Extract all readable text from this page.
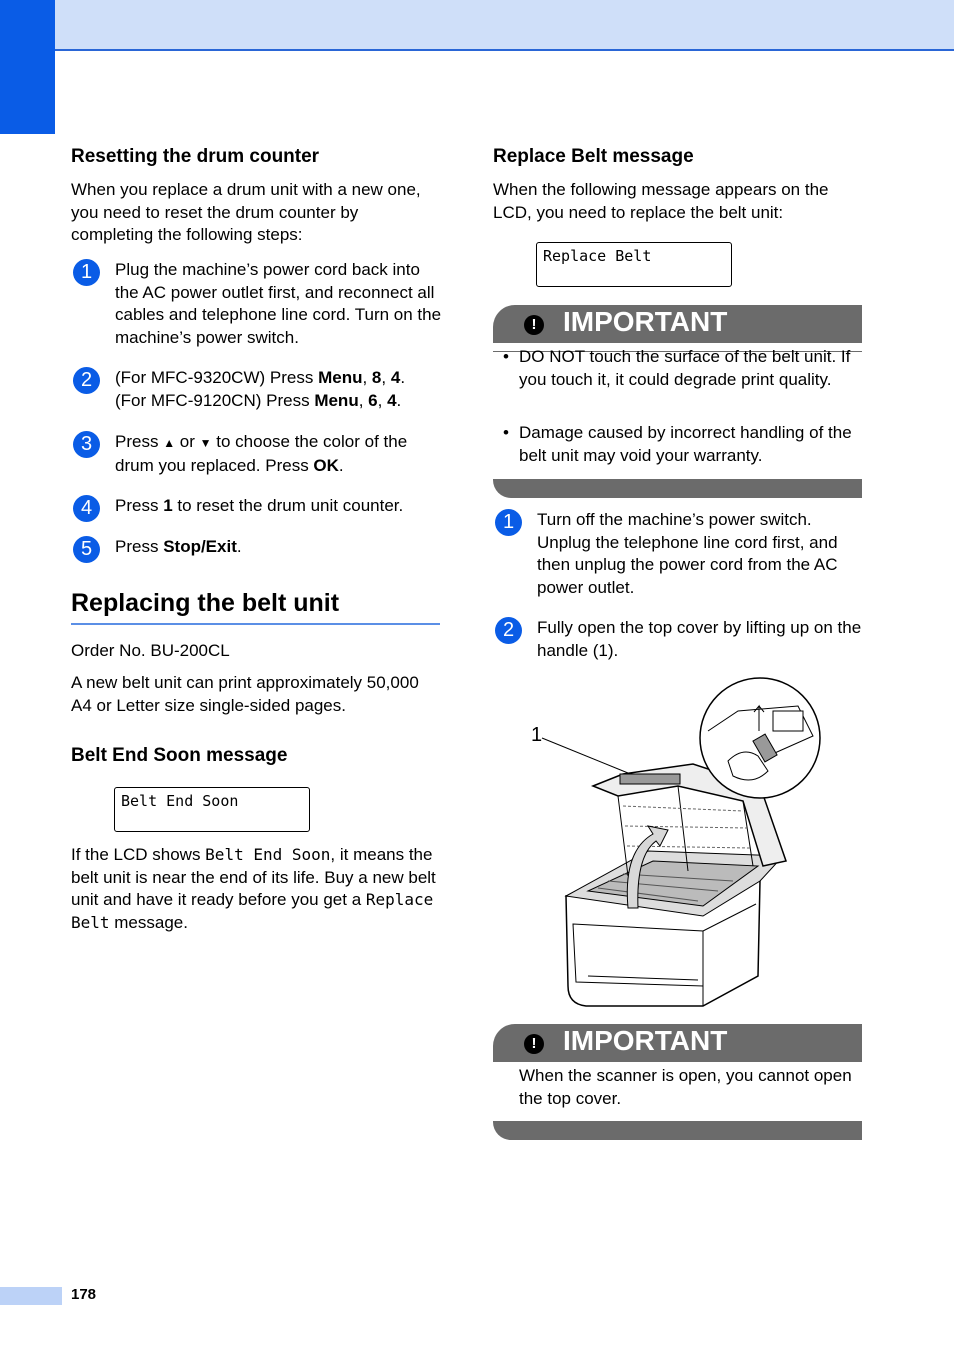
Resetting the drum counter
When you replace a drum unit with a new one, you need to reset the drum counter by completing the following steps:
1	Plug the machine’s power cord back into the AC power outlet first, and reconnect all cables and telephone line cord. Turn on the machine’s power switch.
2	(For MFC-9320CW) Press Menu, 8, 4.
(For MFC-9120CN) Press Menu, 6, 4.
3	Press ▲ or ▼ to choose the color of the drum you replaced. Press OK.
4	Press 1 to reset the drum unit counter.
5	Press Stop/Exit.
Replacing the belt unit
Order No. BU-200CL
A new belt unit can print approximately 50,000 A4 or Letter size single-sided pages.
Belt End Soon message
Belt End Soon
If the LCD shows Belt End Soon, it means the belt unit is near the end of its life. Buy a new belt unit and have it ready before you get a Replace Belt message.
Replace Belt message
When the following message appears on the LCD, you need to replace the belt unit:
Replace Belt
! IMPORTANT
• DO NOT touch the surface of the belt unit. If you touch it, it could degrade print quality.
• Damage caused by incorrect handling of the belt unit may void your warranty.
1	Turn off the machine’s power switch. Unplug the telephone line cord first, and then unplug the power cord from the AC power outlet.
2	Fully open the top cover by lifting up on the handle (1).
1
! IMPORTANT
When the scanner is open, you cannot open the top cover.
178
